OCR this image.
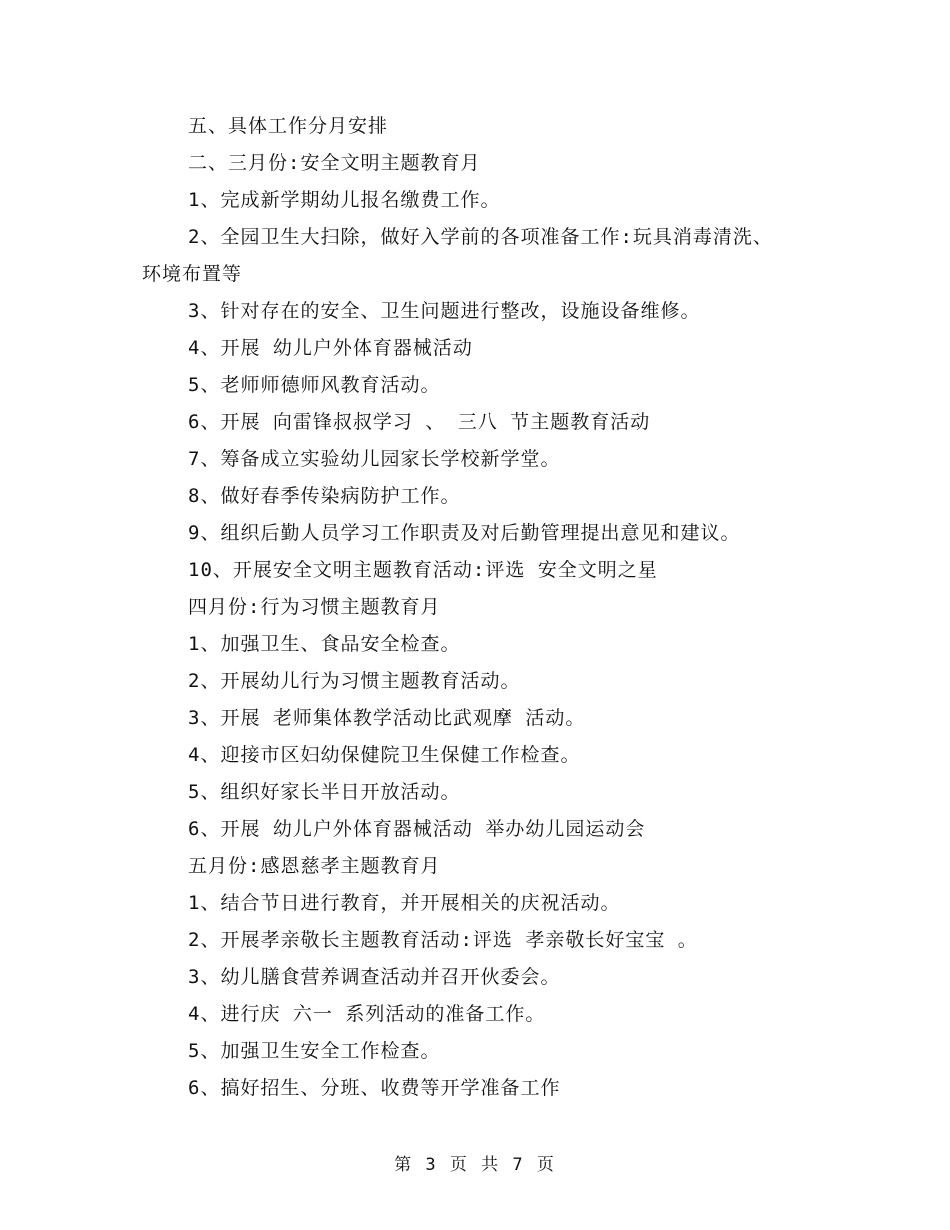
五、具体工作分月安排
二、三月份:安全文明主题教育月
1、完成新学期幼儿报名缴费工作。
2、全园卫生大扫除，做好入学前的各项准备工作:玩具消毒清洗、
环境布置等
3、针对存在的安全、卫生问题进行整改，设施设备维修。
4、开展 幼儿户外体育器械活动
5、老师师德师风教育活动。
6、开展 向雷锋叔叔学习 、 三八 节主题教育活动
7、筹备成立实验幼儿园家长学校新学堂。
8、做好春季传染病防护工作。
9、组织后勤人员学习工作职责及对后勤管理提出意见和建议。
10、开展安全文明主题教育活动:评选 安全文明之星
四月份:行为习惯主题教育月
1、加强卫生、食品安全检查。
2、开展幼儿行为习惯主题教育活动。
3、开展 老师集体教学活动比武观摩 活动。
4、迎接市区妇幼保健院卫生保健工作检查。
5、组织好家长半日开放活动。
6、开展 幼儿户外体育器械活动 举办幼儿园运动会
五月份:感恩慈孝主题教育月
1、结合节日进行教育，并开展相关的庆祝活动。
2、开展孝亲敬长主题教育活动:评选 孝亲敬长好宝宝 。
3、幼儿膳食营养调查活动并召开伙委会。
4、进行庆 六一 系列活动的准备工作。
5、加强卫生安全工作检查。
6、搞好招生、分班、收费等开学准备工作
第 3 页 共 7 页
